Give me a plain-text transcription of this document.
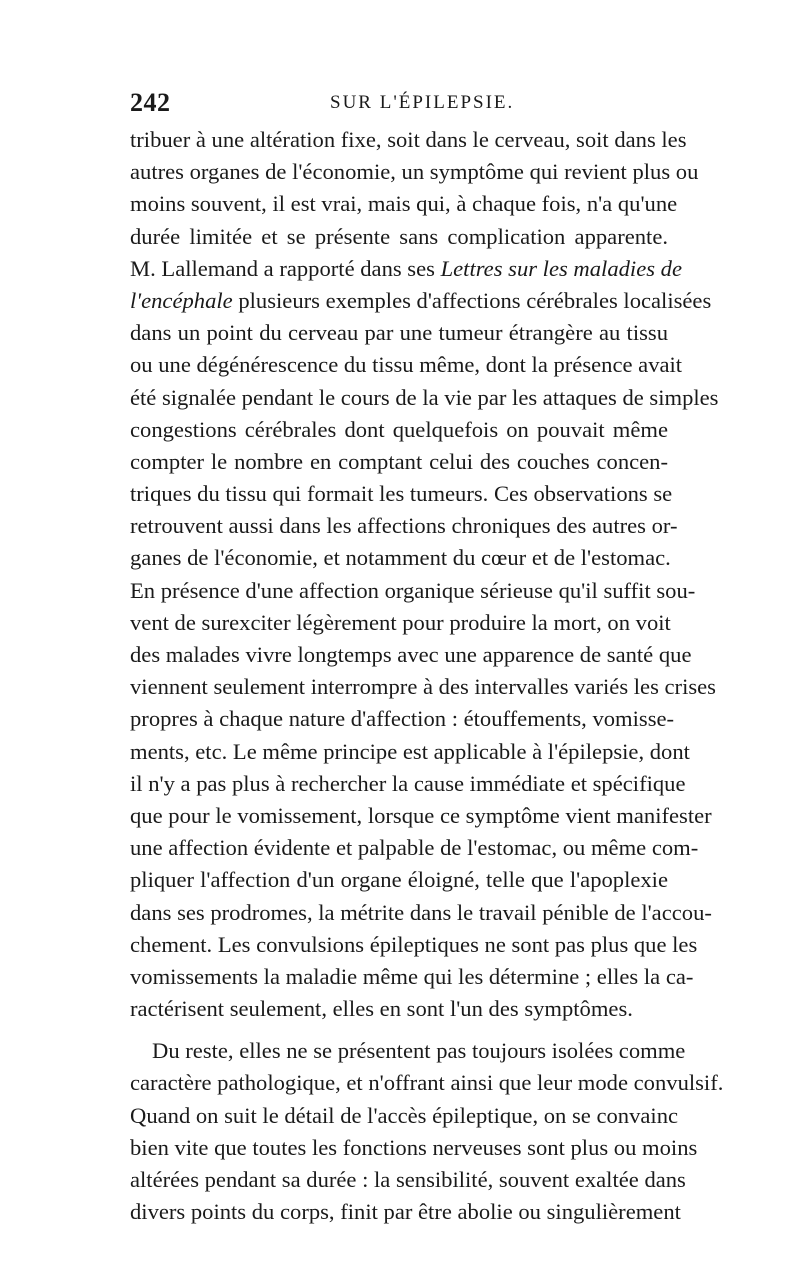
242	SUR L'ÉPILEPSIE.
tribuer à une altération fixe, soit dans le cerveau, soit dans les
autres organes de l'économie, un symptôme qui revient plus ou
moins souvent, il est vrai, mais qui, à chaque fois, n'a qu'une
durée limitée et se présente sans complication apparente.
M. Lallemand a rapporté dans ses Lettres sur les maladies de
l'encéphale plusieurs exemples d'affections cérébrales localisées
dans un point du cerveau par une tumeur étrangère au tissu
ou une dégénérescence du tissu même, dont la présence avait
été signalée pendant le cours de la vie par les attaques de simples
congestions cérébrales dont quelquefois on pouvait même
compter le nombre en comptant celui des couches concen-
triques du tissu qui formait les tumeurs. Ces observations se
retrouvent aussi dans les affections chroniques des autres or-
ganes de l'économie, et notamment du cœur et de l'estomac.
En présence d'une affection organique sérieuse qu'il suffit sou-
vent de surexciter légèrement pour produire la mort, on voit
des malades vivre longtemps avec une apparence de santé que
viennent seulement interrompre à des intervalles variés les crises
propres à chaque nature d'affection : étouffements, vomisse-
ments, etc. Le même principe est applicable à l'épilepsie, dont
il n'y a pas plus à rechercher la cause immédiate et spécifique
que pour le vomissement, lorsque ce symptôme vient manifester
une affection évidente et palpable de l'estomac, ou même com-
pliquer l'affection d'un organe éloigné, telle que l'apoplexie
dans ses prodromes, la métrite dans le travail pénible de l'accou-
chement. Les convulsions épileptiques ne sont pas plus que les
vomissements la maladie même qui les détermine ; elles la ca-
ractérisent seulement, elles en sont l'un des symptômes.
Du reste, elles ne se présentent pas toujours isolées comme
caractère pathologique, et n'offrant ainsi que leur mode convulsif.
Quand on suit le détail de l'accès épileptique, on se convainc
bien vite que toutes les fonctions nerveuses sont plus ou moins
altérées pendant sa durée : la sensibilité, souvent exaltée dans
divers points du corps, finit par être abolie ou singulièrement
